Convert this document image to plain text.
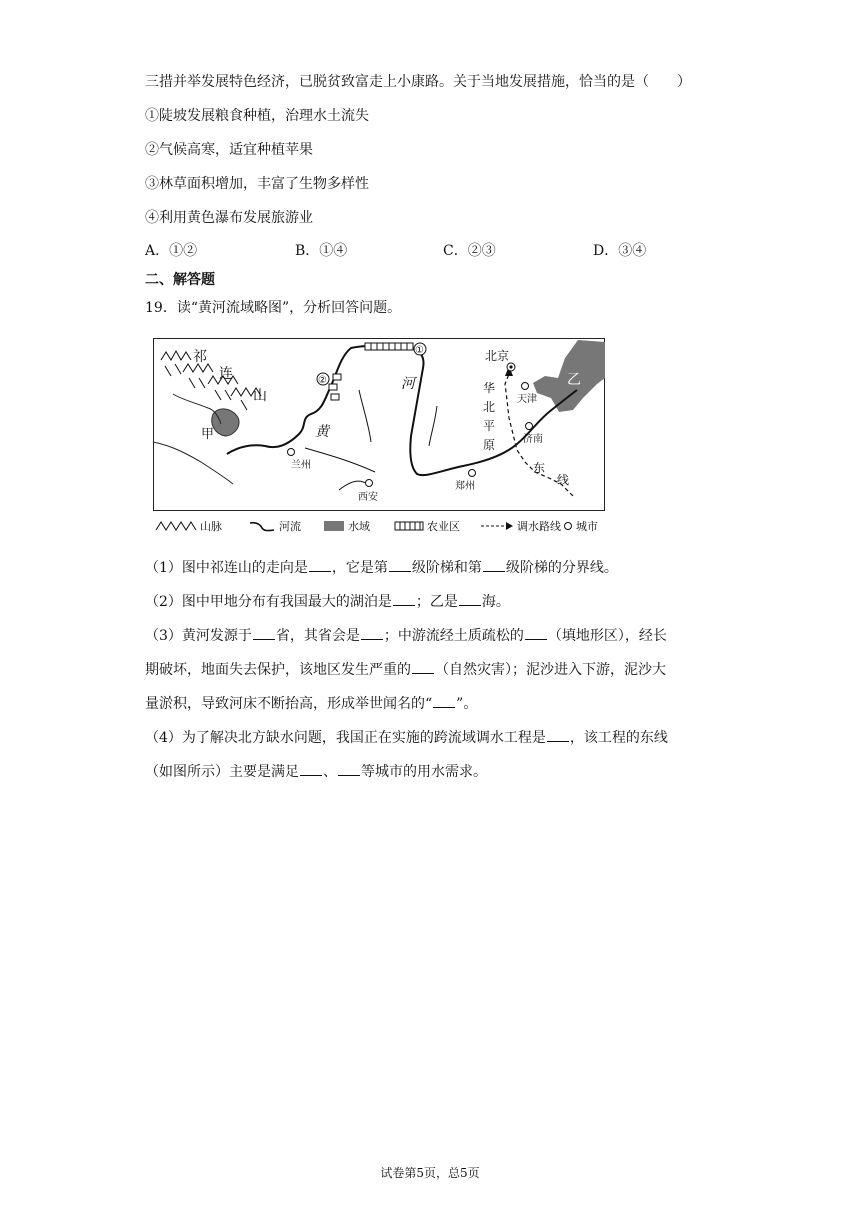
三措并举发展特色经济，已脱贫致富走上小康路。关于当地发展措施，恰当的是（　　）
①陡坡发展粮食种植，治理水土流失
②气候高寒，适宜种植苹果
③林草面积增加，丰富了生物多样性
④利用黄色瀑布发展旅游业
A．①②	B．①④	C．②③	D．③④
二、解答题
19．读“黄河流域略图”，分析回答问题。
祁
连
山
甲
乙
黄
河	华
北
平
原
东
线
①
②
北京
天津
济南
兰州
西安
郑州
山脉	河流	水域	农业区	调水路线 城市
（1）图中祁连山的走向是 ，它是第 级阶梯和第 级阶梯的分界线。
（2）图中甲地分布有我国最大的湖泊是 ；乙是 海。
（3）黄河发源于 省，其省会是 ；中游流经土质疏松的 （填地形区），经长
期破坏，地面失去保护，该地区发生严重的 （自然灾害）；泥沙进入下游，泥沙大
量淤积，导致河床不断抬高，形成举世闻名的“ ”。
（4）为了解决北方缺水问题，我国正在实施的跨流域调水工程是 ，该工程的东线
（如图所示）主要是满足 、 等城市的用水需求。
试卷第5页，总5页
